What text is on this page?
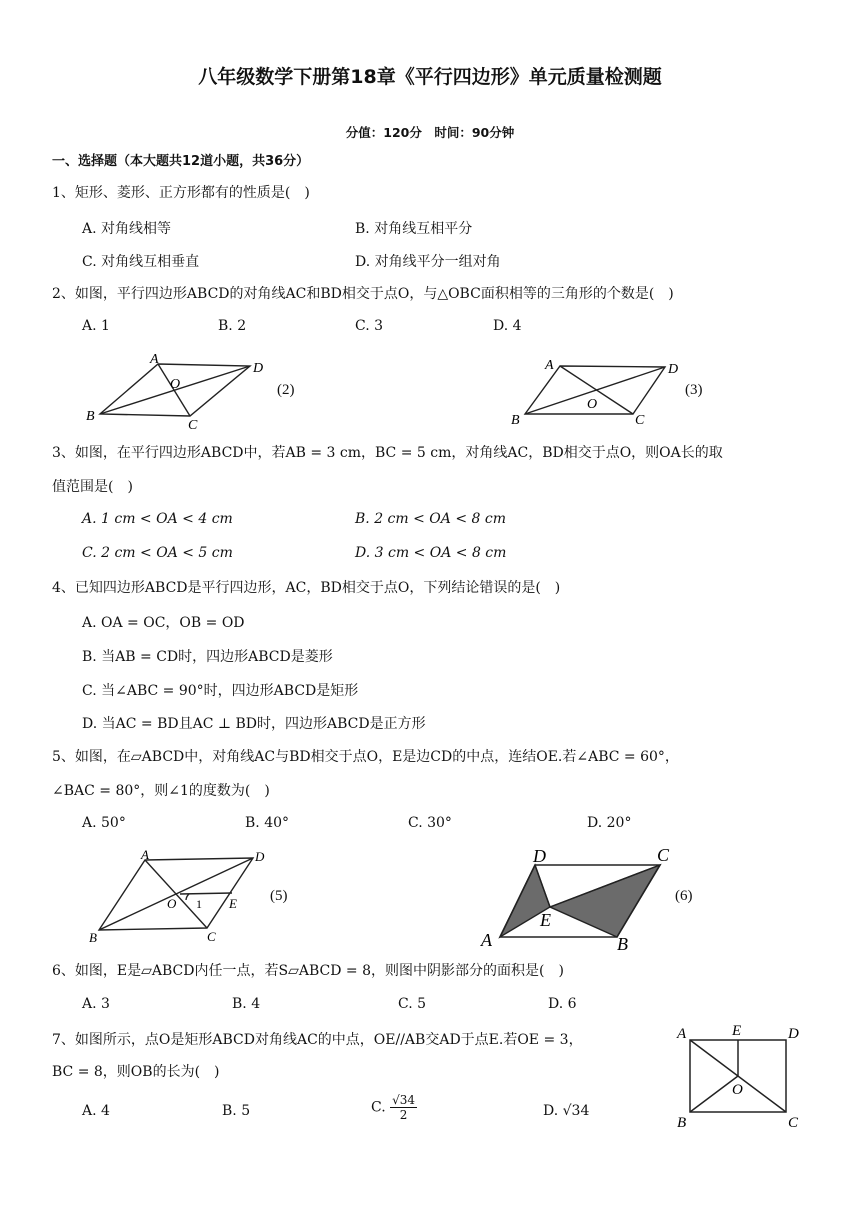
八年级数学下册第18章《平行四边形》单元质量检测题
分值：120分　时间：90分钟
一、选择题（本大题共12道小题，共36分）
1、矩形、菱形、正方形都有的性质是(　)
A. 对角线相等	B. 对角线互相平分
C. 对角线互相垂直	D. 对角线平分一组对角
2、如图，平行四边形ABCD的对角线AC和BD相交于点O，与△OBC面积相等的三角形的个数是(　)
A. 1	B. 2	C. 3	D. 4
A
D
B
C
O	(2)
A	D
B	C
O
(3)
3、如图，在平行四边形ABCD中，若AB = 3 cm，BC = 5 cm，对角线AC，BD相交于点O，则OA长的取
值范围是(　)
A. 1 cm < OA < 4 cm	B. 2 cm < OA < 8 cm
C. 2 cm < OA < 5 cm	D. 3 cm < OA < 8 cm
4、已知四边形ABCD是平行四边形，AC，BD相交于点O，下列结论错误的是(　)
A. OA = OC，OB = OD
B. 当AB = CD时，四边形ABCD是菱形
C. 当∠ABC = 90°时，四边形ABCD是矩形
D. 当AC = BD且AC ⊥ BD时，四边形ABCD是正方形
5、如图，在▱ABCD中，对角线AC与BD相交于点O，E是边CD的中点，连结OE.若∠ABC = 60°，
∠BAC = 80°，则∠1的度数为(　)
A. 50°	B. 40°	C. 30°	D. 20°
A	D
B	C
O	E
1	(5)
D	C
A	B
E
(6)
6、如图，E是▱ABCD内任一点，若S▱ABCD = 8，则图中阴影部分的面积是(　)
A. 3	B. 4	C. 5	D. 6
7、如图所示，点O是矩形ABCD对角线AC的中点，OE//AB交AD于点E.若OE = 3，
BC = 8，则OB的长为(　)
A. 4	B. 5	C. $\frac{√34}{2}$	D. √34
A	E	D
B	C
O
